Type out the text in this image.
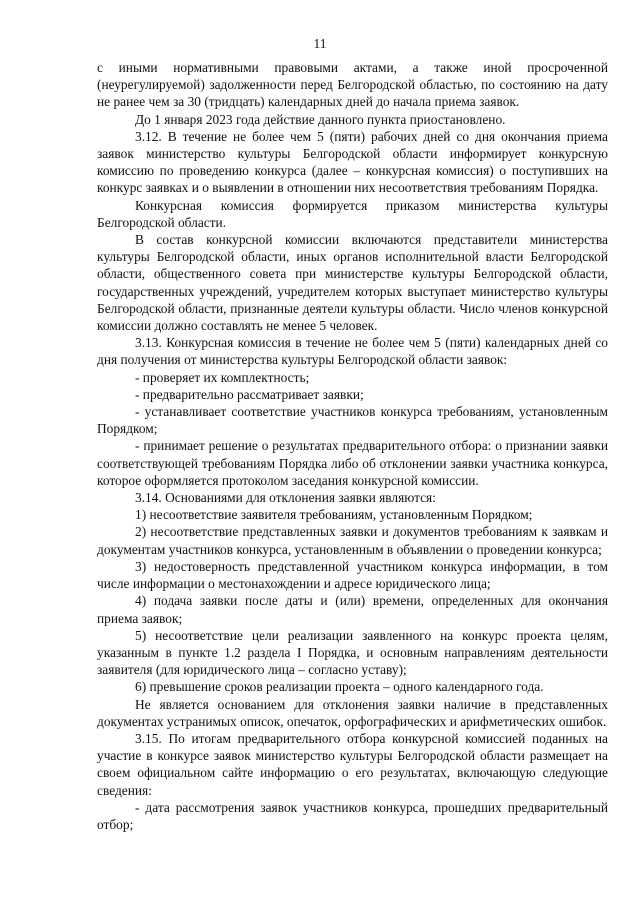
11

с иными нормативными правовыми актами, а также иной просроченной (неурегулируемой) задолженности перед Белгородской областью, по состоянию на дату не ранее чем за 30 (тридцать) календарных дней до начала приема заявок.

До 1 января 2023 года действие данного пункта приостановлено.

3.12. В течение не более чем 5 (пяти) рабочих дней со дня окончания приема заявок министерство культуры Белгородской области информирует конкурсную комиссию по проведению конкурса (далее – конкурсная комиссия) о поступивших на конкурс заявках и о выявлении в отношении них несоответствия требованиям Порядка.

Конкурсная комиссия формируется приказом министерства культуры Белгородской области.

В состав конкурсной комиссии включаются представители министерства культуры Белгородской области, иных органов исполнительной власти Белгородской области, общественного совета при министерстве культуры Белгородской области, государственных учреждений, учредителем которых выступает министерство культуры Белгородской области, признанные деятели культуры области. Число членов конкурсной комиссии должно составлять не менее 5 человек.

3.13. Конкурсная комиссия в течение не более чем 5 (пяти) календарных дней со дня получения от министерства культуры Белгородской области заявок:

- проверяет их комплектность;

- предварительно рассматривает заявки;

- устанавливает соответствие участников конкурса требованиям, установленным Порядком;

- принимает решение о результатах предварительного отбора: о признании заявки соответствующей требованиям Порядка либо об отклонении заявки участника конкурса, которое оформляется протоколом заседания конкурсной комиссии.

3.14. Основаниями для отклонения заявки являются:

1) несоответствие заявителя требованиям, установленным Порядком;

2) несоответствие представленных заявки и документов требованиям к заявкам и документам участников конкурса, установленным в объявлении о проведении конкурса;

3) недостоверность представленной участником конкурса информации, в том числе информации о местонахождении и адресе юридического лица;

4) подача заявки после даты и (или) времени, определенных для окончания приема заявок;

5) несоответствие цели реализации заявленного на конкурс проекта целям, указанным в пункте 1.2 раздела I Порядка, и основным направлениям деятельности заявителя (для юридического лица – согласно уставу);

6) превышение сроков реализации проекта – одного календарного года.

Не является основанием для отклонения заявки наличие в представленных документах устранимых описок, опечаток, орфографических и арифметических ошибок.

3.15. По итогам предварительного отбора конкурсной комиссией поданных на участие в конкурсе заявок министерство культуры Белгородской области размещает на своем официальном сайте информацию о его результатах, включающую следующие сведения:

- дата рассмотрения заявок участников конкурса, прошедших предварительный отбор;
